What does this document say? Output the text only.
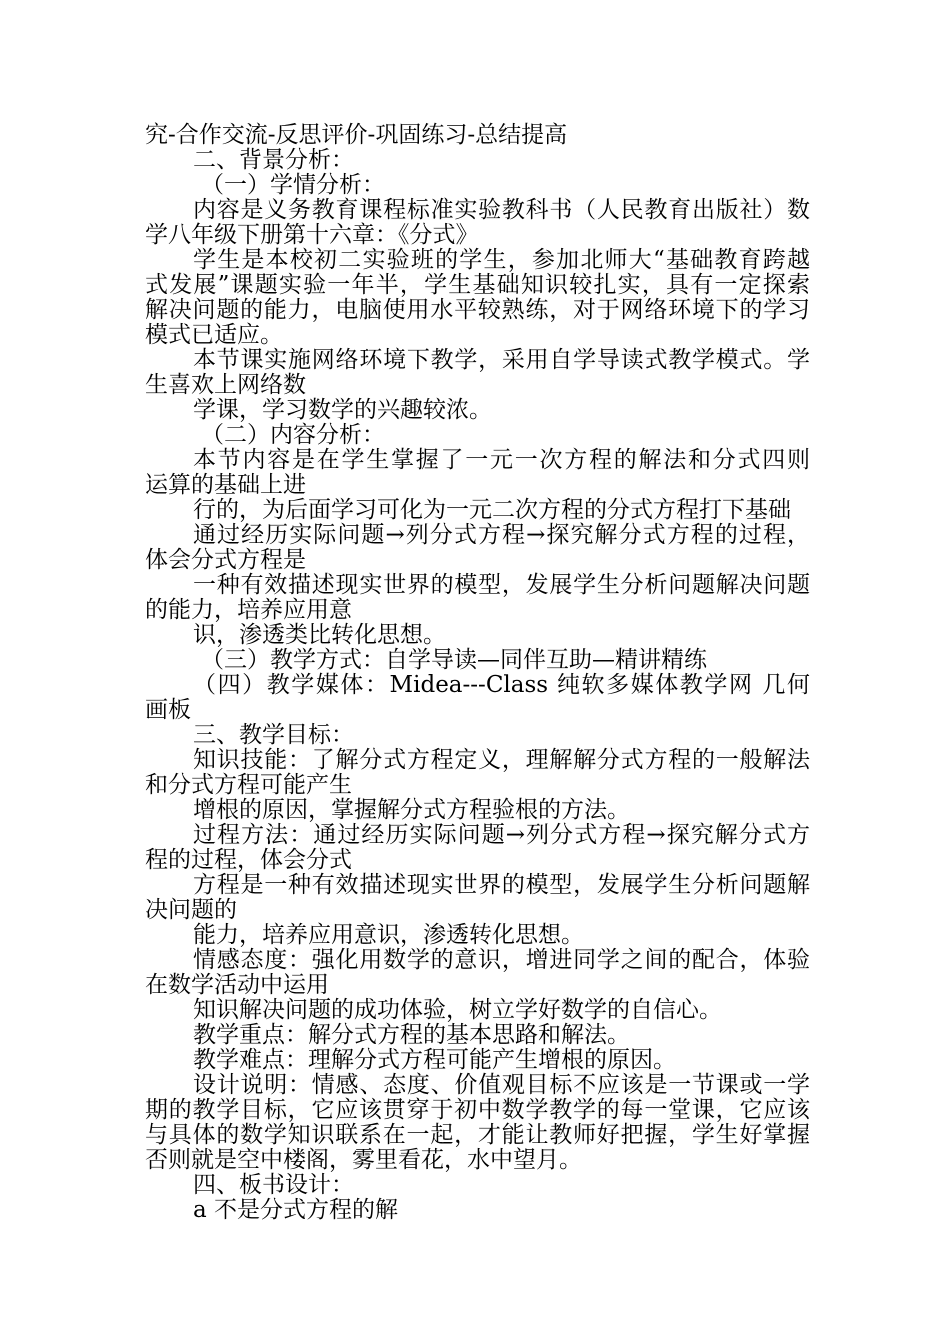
究-合作交流-反思评价-巩固练习-总结提高
二、背景分析：
（一）学情分析：
内容是义务教育课程标准实验教科书（人民教育出版社）数
学八年级下册第十六章：《分式》
学生是本校初二实验班的学生，参加北师大“基础教育跨越
式发展”课题实验一年半，学生基础知识较扎实，具有一定探索
解决问题的能力，电脑使用水平较熟练，对于网络环境下的学习
模式已适应。
本节课实施网络环境下教学，采用自学导读式教学模式。学
生喜欢上网络数
学课，学习数学的兴趣较浓。
（二）内容分析：
本节内容是在学生掌握了一元一次方程的解法和分式四则
运算的基础上进
行的，为后面学习可化为一元二次方程的分式方程打下基础
通过经历实际问题→列分式方程→探究解分式方程的过程，
体会分式方程是
一种有效描述现实世界的模型，发展学生分析问题解决问题
的能力，培养应用意
识，渗透类比转化思想。
（三）教学方式：自学导读—同伴互助—精讲精练
（四）教学媒体：Midea---Class 纯软多媒体教学网 几何
画板
三、教学目标：
知识技能：了解分式方程定义，理解解分式方程的一般解法
和分式方程可能产生
增根的原因，掌握解分式方程验根的方法。
过程方法：通过经历实际问题→列分式方程→探究解分式方
程的过程，体会分式
方程是一种有效描述现实世界的模型，发展学生分析问题解
决问题的
能力，培养应用意识，渗透转化思想。
情感态度：强化用数学的意识，增进同学之间的配合，体验
在数学活动中运用
知识解决问题的成功体验，树立学好数学的自信心。
教学重点：解分式方程的基本思路和解法。
教学难点：理解分式方程可能产生增根的原因。
设计说明：情感、态度、价值观目标不应该是一节课或一学
期的教学目标，它应该贯穿于初中数学教学的每一堂课，它应该
与具体的数学知识联系在一起，才能让教师好把握，学生好掌握
否则就是空中楼阁，雾里看花，水中望月。
四、板书设计：
a 不是分式方程的解
